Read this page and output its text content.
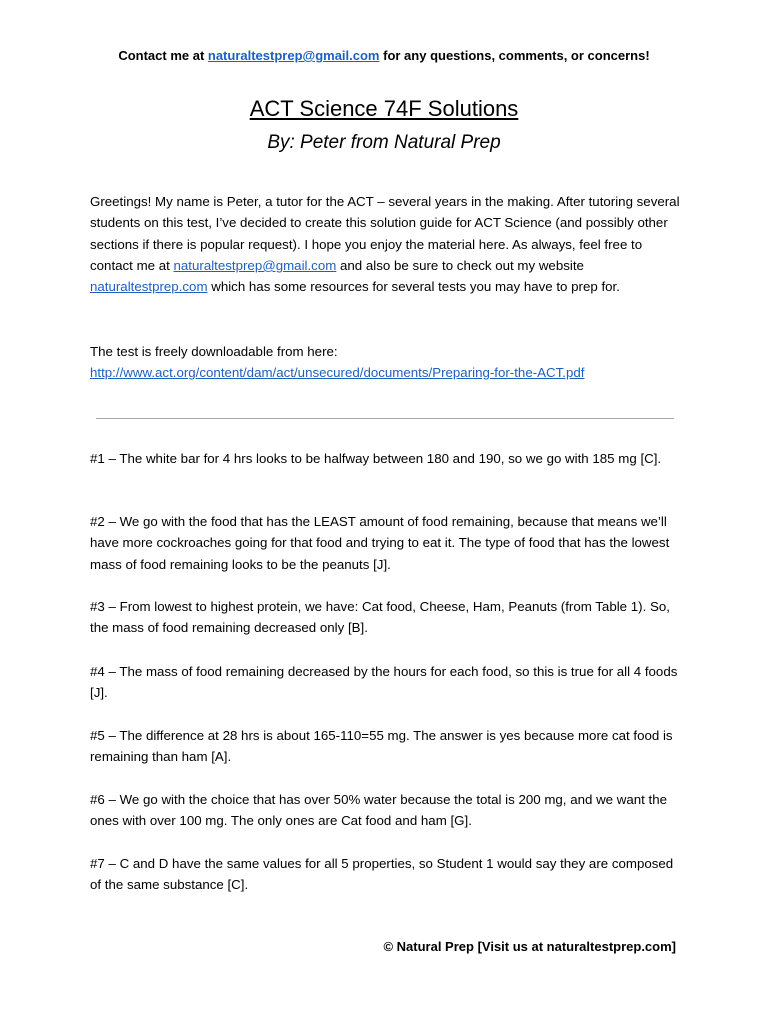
Contact me at naturaltestprep@gmail.com for any questions, comments, or concerns!
ACT Science 74F Solutions
By: Peter from Natural Prep

Greetings! My name is Peter, a tutor for the ACT – several years in the making. After tutoring several students on this test, I’ve decided to create this solution guide for ACT Science (and possibly other sections if there is popular request). I hope you enjoy the material here. As always, feel free to contact me at naturaltestprep@gmail.com and also be sure to check out my website naturaltestprep.com which has some resources for several tests you may have to prep for.

The test is freely downloadable from here:
http://www.act.org/content/dam/act/unsecured/documents/Preparing-for-the-ACT.pdf

#1 – The white bar for 4 hrs looks to be halfway between 180 and 190, so we go with 185 mg [C].

#2 – We go with the food that has the LEAST amount of food remaining, because that means we’ll have more cockroaches going for that food and trying to eat it. The type of food that has the lowest mass of food remaining looks to be the peanuts [J].

#3 – From lowest to highest protein, we have: Cat food, Cheese, Ham, Peanuts (from Table 1). So, the mass of food remaining decreased only [B].

#4 – The mass of food remaining decreased by the hours for each food, so this is true for all 4 foods [J].

#5 – The difference at 28 hrs is about 165-110=55 mg. The answer is yes because more cat food is remaining than ham [A].

#6 – We go with the choice that has over 50% water because the total is 200 mg, and we want the ones with over 100 mg. The only ones are Cat food and ham [G].

#7 – C and D have the same values for all 5 properties, so Student 1 would say they are composed of the same substance [C].

© Natural Prep [Visit us at naturaltestprep.com]
